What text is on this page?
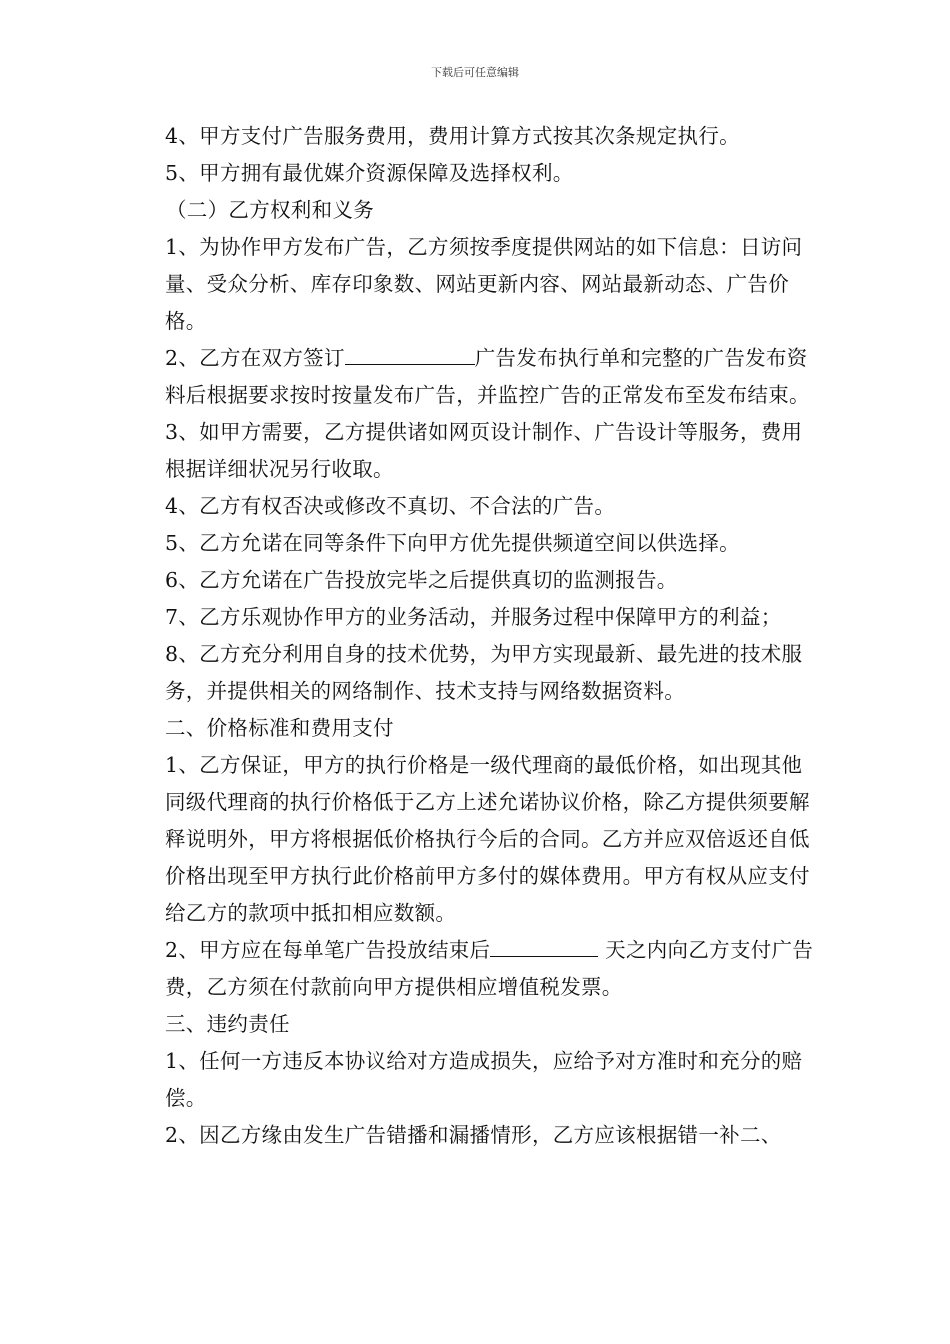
下载后可任意编辑

4、甲方支付广告服务费用，费用计算方式按其次条规定执行。

5、甲方拥有最优媒介资源保障及选择权利。

（二）乙方权利和义务

1、为协作甲方发布广告，乙方须按季度提供网站的如下信息：日访问量、受众分析、库存印象数、网站更新内容、网站最新动态、广告价格。

2、乙方在双方签订	广告发布执行单和完整的广告发布资料后根据要求按时按量发布广告，并监控广告的正常发布至发布结束。

3、如甲方需要，乙方提供诸如网页设计制作、广告设计等服务，费用根据详细状况另行收取。

4、乙方有权否决或修改不真切、不合法的广告。

5、乙方允诺在同等条件下向甲方优先提供频道空间以供选择。

6、乙方允诺在广告投放完毕之后提供真切的监测报告。

7、乙方乐观协作甲方的业务活动，并服务过程中保障甲方的利益；

8、乙方充分利用自身的技术优势，为甲方实现最新、最先进的技术服务，并提供相关的网络制作、技术支持与网络数据资料。

二、价格标准和费用支付

1、乙方保证，甲方的执行价格是一级代理商的最低价格，如出现其他同级代理商的执行价格低于乙方上述允诺协议价格，除乙方提供须要解释说明外，甲方将根据低价格执行今后的合同。乙方并应双倍返还自低价格出现至甲方执行此价格前甲方多付的媒体费用。甲方有权从应支付给乙方的款项中抵扣相应数额。

2、甲方应在每单笔广告投放结束后	天之内向乙方支付广告费，乙方须在付款前向甲方提供相应增值税发票。

三、违约责任

1、任何一方违反本协议给对方造成损失，应给予对方准时和充分的赔偿。

2、因乙方缘由发生广告错播和漏播情形，乙方应该根据错一补二、
